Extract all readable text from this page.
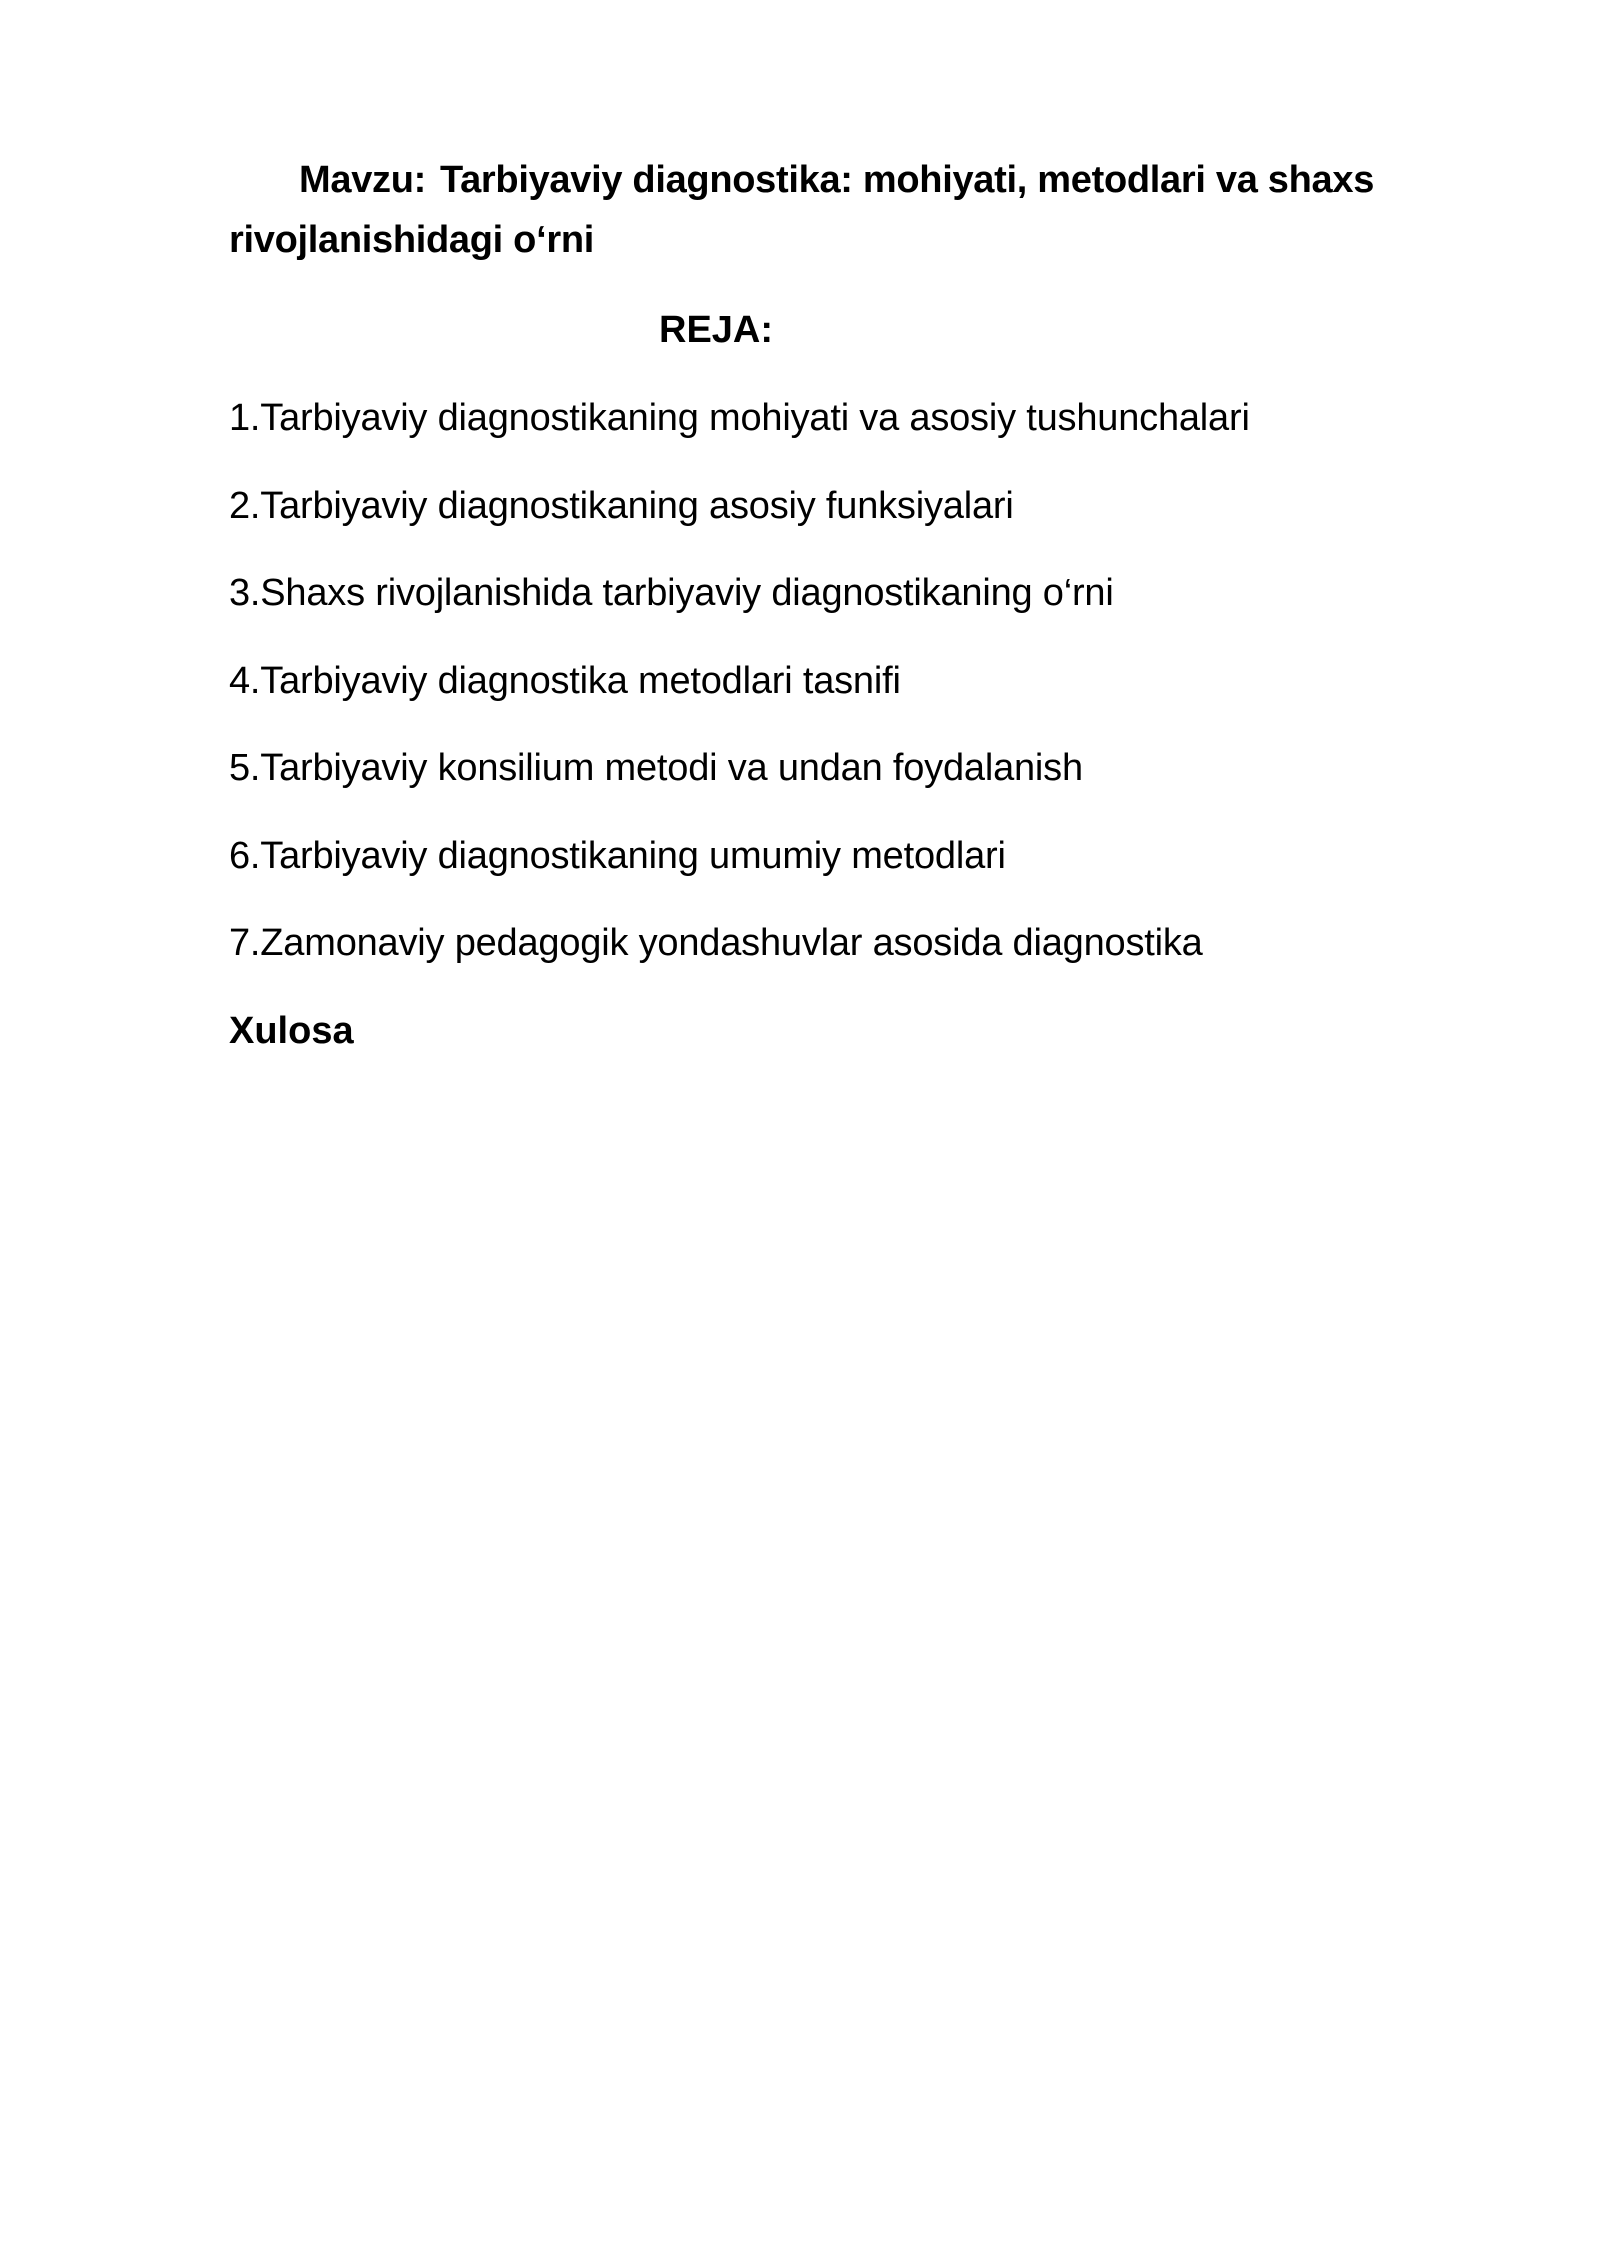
Mavzu: Tarbiyaviy diagnostika: mohiyati, metodlari va shaxs rivojlanishidagi o‘rni

REJA:

1.Tarbiyaviy diagnostikaning mohiyati va asosiy tushunchalari
2.Tarbiyaviy diagnostikaning asosiy funksiyalari
3.Shaxs rivojlanishida tarbiyaviy diagnostikaning o‘rni
4.Tarbiyaviy diagnostika metodlari tasnifi
5.Tarbiyaviy konsilium metodi va undan foydalanish
6.Tarbiyaviy diagnostikaning umumiy metodlari
7.Zamonaviy pedagogik yondashuvlar asosida diagnostika

Xulosa
